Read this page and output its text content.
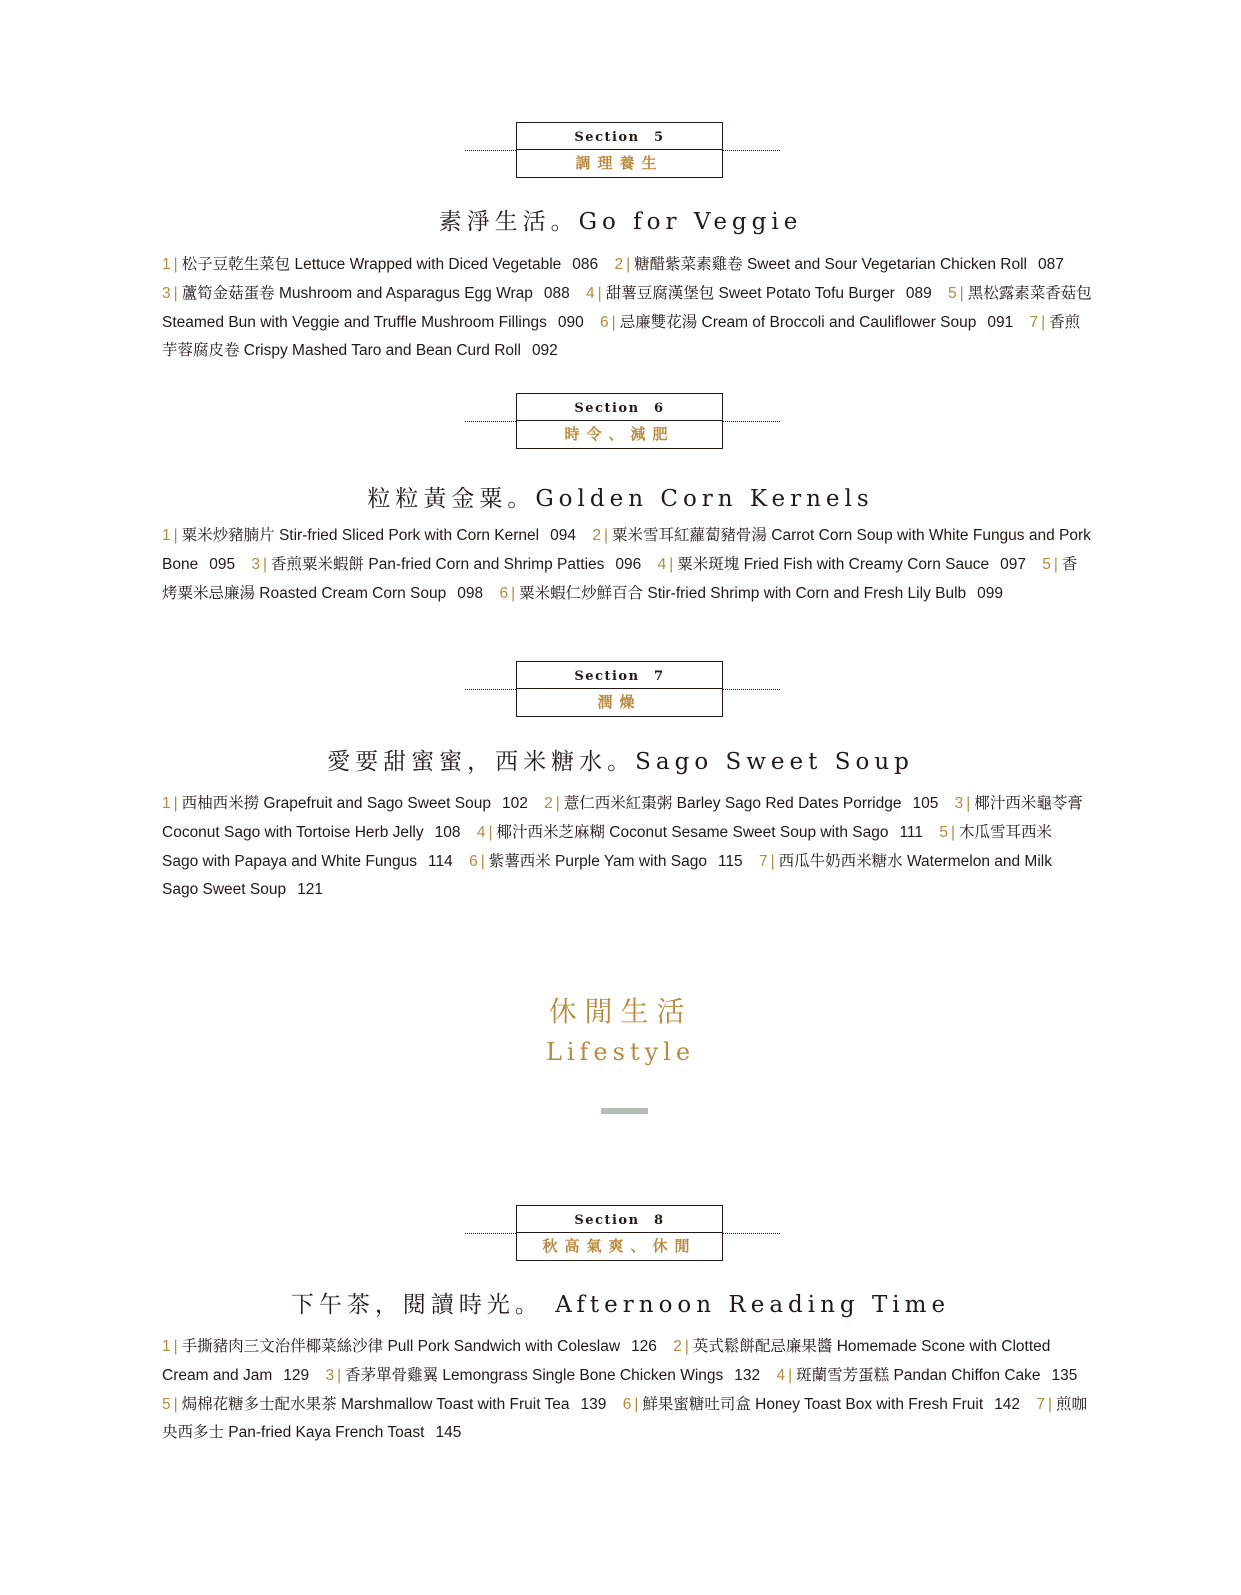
Section　5
調理養生
素淨生活。Go for Veggie
1 | 松子豆乾生菜包 Lettuce Wrapped with Diced Vegetable 086 2 | 糖醋紫菜素雞卷 Sweet and Sour Vegetarian Chicken Roll 087 3 | 蘆筍金菇蛋卷 Mushroom and Asparagus Egg Wrap 088 4 | 甜薯豆腐漢堡包 Sweet Potato Tofu Burger 089 5 | 黑松露素菜香菇包 Steamed Bun with Veggie and Truffle Mushroom Fillings 090 6 | 忌廉雙花湯 Cream of Broccoli and Cauliflower Soup 091 7 | 香煎芋蓉腐皮卷 Crispy Mashed Taro and Bean Curd Roll 092
Section　6
時令、減肥
粒粒黃金粟。Golden Corn Kernels
1 | 粟米炒豬腩片 Stir-fried Sliced Pork with Corn Kernel 094 2 | 粟米雪耳紅蘿蔔豬骨湯 Carrot Corn Soup with White Fungus and Pork Bone 095 3 | 香煎粟米蝦餅 Pan-fried Corn and Shrimp Patties 096 4 | 粟米斑塊 Fried Fish with Creamy Corn Sauce 097 5 | 香烤粟米忌廉湯 Roasted Cream Corn Soup 098 6 | 粟米蝦仁炒鮮百合 Stir-fried Shrimp with Corn and Fresh Lily Bulb 099
Section　7
潤燥
愛要甜蜜蜜，西米糖水。Sago Sweet Soup
1 | 西柚西米撈 Grapefruit and Sago Sweet Soup 102 2 | 薏仁西米紅棗粥 Barley Sago Red Dates Porridge 105 3 | 椰汁西米龜苓膏 Coconut Sago with Tortoise Herb Jelly 108 4 | 椰汁西米芝麻糊 Coconut Sesame Sweet Soup with Sago 111 5 | 木瓜雪耳西米 Sago with Papaya and White Fungus 114 6 | 紫薯西米 Purple Yam with Sago 115 7 | 西瓜牛奶西米糖水 Watermelon and Milk Sago Sweet Soup 121
休閒生活
Lifestyle
Section　8
秋高氣爽、休閒
下午茶，閱讀時光。 Afternoon Reading Time
1 | 手撕豬肉三文治伴椰菜絲沙律 Pull Pork Sandwich with Coleslaw 126 2 | 英式鬆餅配忌廉果醬 Homemade Scone with Clotted Cream and Jam 129 3 | 香茅單骨雞翼 Lemongrass Single Bone Chicken Wings 132 4 | 斑蘭雪芳蛋糕 Pandan Chiffon Cake 135 5 | 焗棉花糖多士配水果茶 Marshmallow Toast with Fruit Tea 139 6 | 鮮果蜜糖吐司盒 Honey Toast Box with Fresh Fruit 142 7 | 煎咖央西多士 Pan-fried Kaya French Toast 145
